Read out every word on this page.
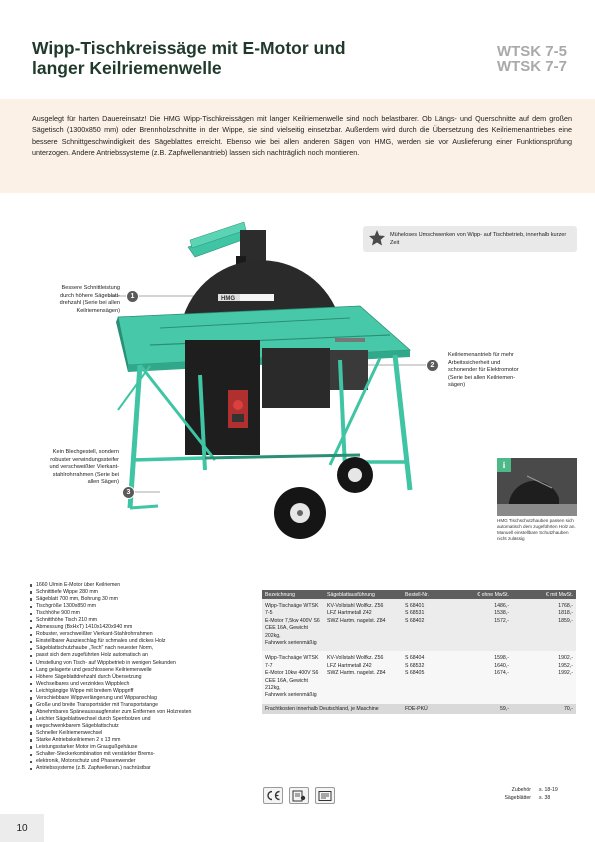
Wipp-Tischkreissäge mit E-Motor und
langer Keilriemenwelle
WTSK 7-5
WTSK 7-7
Ausgelegt für harten Dauereinsatz! Die HMG Wipp-Tischkreissägen mit langer Keilriemenwelle sind noch belastbarer. Ob Längs- und Querschnitte auf dem großen Sägetisch (1300x850 mm) oder Brennholzschnitte in der Wippe, sie sind vielseitig einsetzbar. Außerdem wird durch die Übersetzung des Keilriemenantriebes eine bessere Schnittgeschwindigkeit des Sägeblattes erreicht. Ebenso wie bei allen anderen Sägen von HMG, werden sie vor Auslieferung einer Funktionsprüfung unterzogen. Andere Antriebssysteme (z.B. Zapfwellenantrieb) lassen sich nachträglich noch montieren.
HMG
1
Bessere Schnittleistung
durch höhere Sägeblatt-
drehzahl (Serie bei allen
Keilriemensägen)
2
Keilriemenantrieb für mehr
Arbeitssicherheit und
schonender für Elektromotor
(Serie bei allen Keilriemen-
sägen)
3
Kein Blechgestell, sondern
robuster verwindungssteifer
und verschweißter Vierkant-
stahlrohrrahmen (Serie bei
allen Sägen)
Müheloses Umschwenken von Wipp- auf Tischbetrieb, innerhalb kurzer Zeit
i
HMG Tischschutzhauben passen sich automatisch dem zugeführten Holz an. Manuell einstellbare Schutzhauben nicht zulässig
1660 U/min E-Motor über Keilriemen
Schnitttiefe Wippe 280 mm
Sägeblatt 700 mm, Bohrung 30 mm
Tischgröße 1300x850 mm
Tischhöhe 900 mm
Schnitthöhe Tisch 210 mm
Abmessung (BxHxT) 1410x1420x940 mm
Robuster, verschweißter Vierkant-Stahlrohrrahmen
Einstellbarer Auszieschlag für schmales und dickes Holz
Sägeblattschutzhaube „Tech" nach neuester Norm,
passt sich dem zugeführten Holz automatisch an
Umstellung von Tisch- auf Wippbetrieb in wenigen Sekunden
Lang gelagerte und geschlossene Keilriemenwelle
Höhere Sägeblattdrehzahl durch Übersetzung
Wechselbares und verzinktes Wippblech
Leichtgängige Wippe mit breitem Wippgriff
Verschiebbare Wippverlängerung und Wippanschlag
Große und breite Transporträder mit Transportstange
Abnehmbares Späneaussaugfenster zum Entfernen von Holzresten
Leichter Sägeblattwechsel durch Sperrbolzen und
wegschwenkbarem Sägeblattschutz
Schneller Keilriemenwechsel
Starke Antriebskeilriemen 2 x 13 mm
Leistungsstarker Motor im Graugußgehäuse
Schalter-Steckerkombination mit verstärkter Brems-
elektronik, Motorschutz und Phasenwender
Antriebssysteme (z.B. Zapfwellenan.) nachrüstbar
Bezeichnung	Sägeblattausführung	Bestell-Nr.	€ ohne MwSt.	€ mit MwSt.

Wipp-Tischsäge WTSK 7-5
E-Motor 7,5kw 400V S6
CEE 16A, Gewicht 202kg,
Fahrwerk serienmäßig	KV-Vollstahl Wolfkz. Z56
LFZ Hartmetall Z42
SWZ Hartm. nagelst. Z84	S 68401
S 68531
S 68402	1486,-
1538,-
1572,-	1768,-
1818,-
1859,-

Wipp-Tischsäge WTSK 7-7
E-Motor 10kw 400V S6
CEE 16A, Gewicht 212kg,
Fahrwerk serienmäßig	KV-Vollstahl Wolfkz. Z56
LFZ Hartmetall Z42
SWZ Hartm. nagelst. Z84	S 68404
S 68532
S 68405	1598,-
1640,-
1674,-	1902,-
1952,-
1992,-

Frachtkosten innerhalb Deutschland, je Maschine		FDE-PKÜ	59,-	70,-
Zubehör s. 18-19
Sägeblätter s. 38
10
